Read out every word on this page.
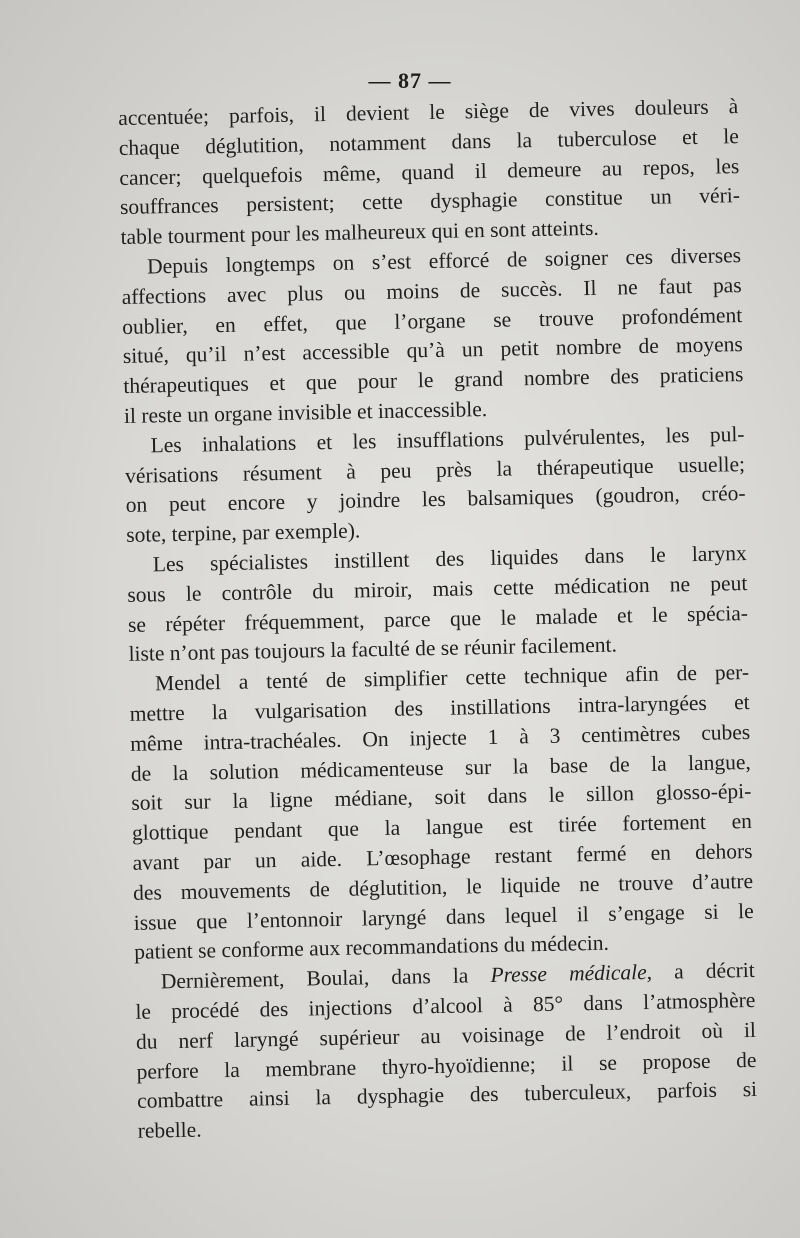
— 87 —
accentuée; parfois, il devient le siège de vives douleurs à
chaque déglutition, notamment dans la tuberculose et le
cancer; quelquefois même, quand il demeure au repos, les
souffrances persistent; cette dysphagie constitue un véri-
table tourment pour les malheureux qui en sont atteints.
Depuis longtemps on s’est efforcé de soigner ces diverses
affections avec plus ou moins de succès. Il ne faut pas
oublier, en effet, que l’organe se trouve profondément
situé, qu’il n’est accessible qu’à un petit nombre de moyens
thérapeutiques et que pour le grand nombre des praticiens
il reste un organe invisible et inaccessible.
Les inhalations et les insufflations pulvérulentes, les pul-
vérisations résument à peu près la thérapeutique usuelle;
on peut encore y joindre les balsamiques (goudron, créo-
sote, terpine, par exemple).
Les spécialistes instillent des liquides dans le larynx
sous le contrôle du miroir, mais cette médication ne peut
se répéter fréquemment, parce que le malade et le spécia-
liste n’ont pas toujours la faculté de se réunir facilement.
Mendel a tenté de simplifier cette technique afin de per-
mettre la vulgarisation des instillations intra-laryngées et
même intra-trachéales. On injecte 1 à 3 centimètres cubes
de la solution médicamenteuse sur la base de la langue,
soit sur la ligne médiane, soit dans le sillon glosso-épi-
glottique pendant que la langue est tirée fortement en
avant par un aide. L’œsophage restant fermé en dehors
des mouvements de déglutition, le liquide ne trouve d’autre
issue que l’entonnoir laryngé dans lequel il s’engage si le
patient se conforme aux recommandations du médecin.
Dernièrement, Boulai, dans la Presse médicale, a décrit
le procédé des injections d’alcool à 85° dans l’atmosphère
du nerf laryngé supérieur au voisinage de l’endroit où il
perfore la membrane thyro-hyoïdienne; il se propose de
combattre ainsi la dysphagie des tuberculeux, parfois si
rebelle.
